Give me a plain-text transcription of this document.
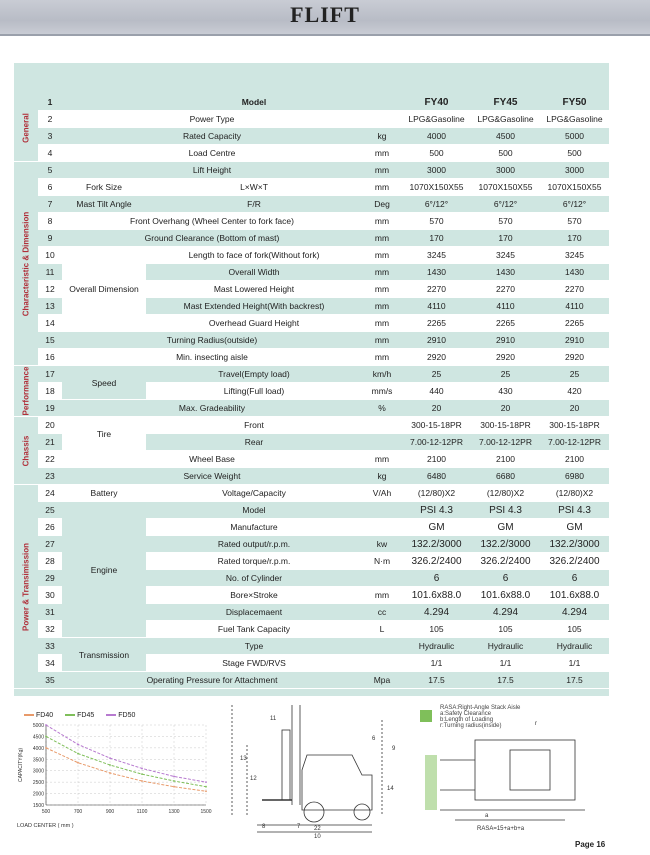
FLIFT
General	1		Model		FY40	FY45	FY50
	2	Power Type			LPG&Gasoline	LPG&Gasoline	LPG&Gasoline
	3	Rated Capacity		kg	4000	4500	5000
	4	Load Centre		mm	500	500	500

Characteristic & Dimension	5	Lift Height		mm	3000	3000	3000
	6	Fork Size	L×W×T	mm	1070X150X55	1070X150X55	1070X150X55
	7	Mast Tilt Angle	F/R	Deg	6°/12°	6°/12°	6°/12°
	8	Front Overhang (Wheel Center to fork face)		mm	570	570	570
	9	Ground Clearance (Bottom of mast)		mm	170	170	170
	10	Overall Dimension	Length to face of fork(Without fork)	mm	3245	3245	3245
	11		Overall Width	mm	1430	1430	1430
	12		Mast Lowered Height	mm	2270	2270	2270
	13		Mast Extended Height(With backrest)	mm	4110	4110	4110
	14		Overhead Guard Height	mm	2265	2265	2265
	15	Turning Radius(outside)		mm	2910	2910	2910
	16	Min. insecting aisle		mm	2920	2920	2920

Performance	17	Speed	Travel(Empty load)	km/h	25	25	25
	18		Lifting(Full load)	mm/s	440	430	420
	19	Max. Gradeability		%	20	20	20

Chassis	20	Tire	Front		300-15-18PR	300-15-18PR	300-15-18PR
	21		Rear		7.00-12-12PR	7.00-12-12PR	7.00-12-12PR
	22	Wheel Base		mm	2100	2100	2100
	23	Service Weight		kg	6480	6680	6980

Power & Transimission	24	Battery	Voltage/Capacity	V/Ah	(12/80)X2	(12/80)X2	(12/80)X2
	25	Engine	Model		PSI 4.3	PSI 4.3	PSI 4.3
	26		Manufacture		GM	GM	GM
	27		Rated output/r.p.m.	kw	132.2/3000	132.2/3000	132.2/3000
	28		Rated torque/r.p.m.	N·m	326.2/2400	326.2/2400	326.2/2400
	29		No. of Cylinder		6	6	6
	30		Bore×Stroke	mm	101.6x88.0	101.6x88.0	101.6x88.0
	31		Displacemaent	cc	4.294	4.294	4.294
	32		Fuel Tank Capacity	L	105	105	105
	33	Transmission	Type		Hydraulic	Hydraulic	Hydraulic
	34		Stage FWD/RVS		1/1	1/1	1/1
	35	Operating Pressure for Attachment		Mpa	17.5	17.5	17.5
FD40	FD45	FD50
5000
4500
4000
3500
3000
2500
2000
1500
500	700	900	1100	1300	1500
CAPACITY(Kg)
LOAD CENTER ( mm )
13
12
11
6
9
22
10
14
8	7
RASA:Right-Angle Stack Aisle
a:Safety Clearance
b:Length of Loading
r:Turning radius(inside)
a
r
RASA=15+a+b+a
Page 16
